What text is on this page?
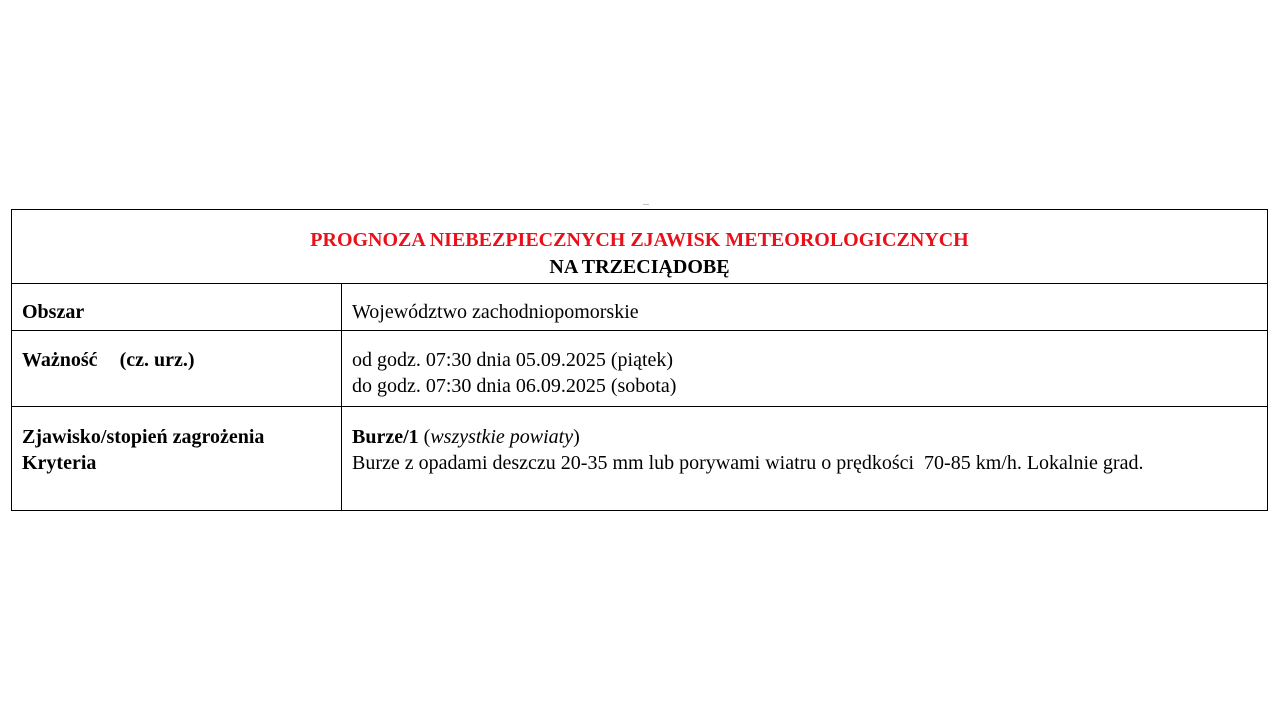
...
PROGNOZA NIEBEZPIECZNYCH ZJAWISK METEOROLOGICZNYCH
NA TRZECIĄDOBĘ	

Obszar	Województwo zachodniopomorskie
Ważność (cz. urz.)	od godz. 07:30 dnia 05.09.2025 (piątek)
do godz. 07:30 dnia 06.09.2025 (sobota)

Zjawisko/stopień zagrożenia
Kryteria	Burze/1 (wszystkie powiaty)
Burze z opadami deszczu 20-35 mm lub porywami wiatru o prędkości  70-85 km/h. Lokalnie grad.
